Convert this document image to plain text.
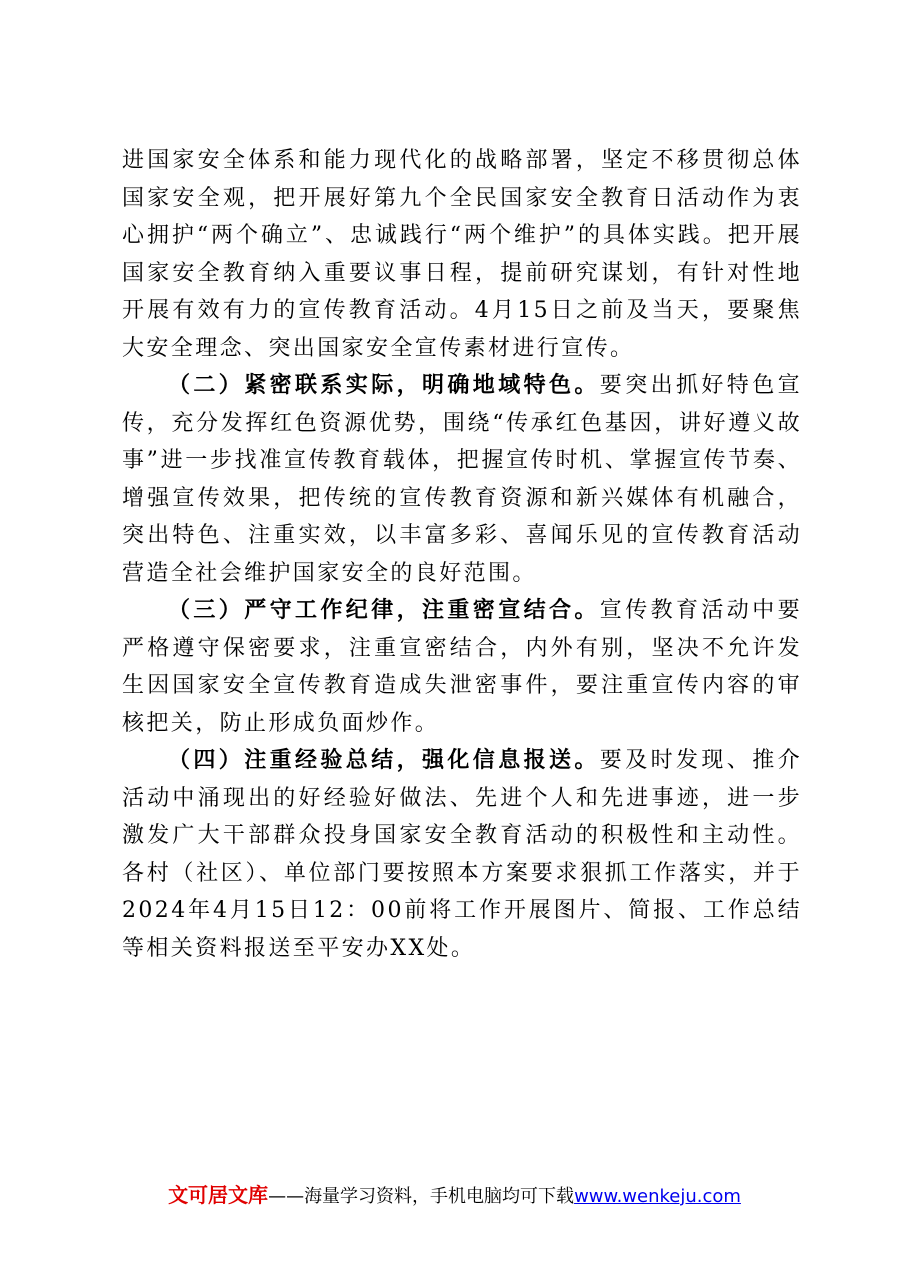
进国家安全体系和能力现代化的战略部署，坚定不移贯彻总体国家安全观，把开展好第九个全民国家安全教育日活动作为衷心拥护“两个确立”、忠诚践行“两个维护”的具体实践。把开展国家安全教育纳入重要议事日程，提前研究谋划，有针对性地开展有效有力的宣传教育活动。4月15日之前及当天，要聚焦大安全理念、突出国家安全宣传素材进行宣传。

（二）紧密联系实际，明确地域特色。要突出抓好特色宣传，充分发挥红色资源优势，围绕“传承红色基因，讲好遵义故事”进一步找准宣传教育载体，把握宣传时机、掌握宣传节奏、增强宣传效果，把传统的宣传教育资源和新兴媒体有机融合，突出特色、注重实效，以丰富多彩、喜闻乐见的宣传教育活动营造全社会维护国家安全的良好范围。

（三）严守工作纪律，注重密宣结合。宣传教育活动中要严格遵守保密要求，注重宣密结合，内外有别，坚决不允许发生因国家安全宣传教育造成失泄密事件，要注重宣传内容的审核把关，防止形成负面炒作。

（四）注重经验总结，强化信息报送。要及时发现、推介活动中涌现出的好经验好做法、先进个人和先进事迹，进一步激发广大干部群众投身国家安全教育活动的积极性和主动性。各村（社区）、单位部门要按照本方案要求狠抓工作落实，并于2024年4月15日12：00前将工作开展图片、简报、工作总结等相关资料报送至平安办XX处。

文可居文库——海量学习资料，手机电脑均可下载www.wenkeju.com
